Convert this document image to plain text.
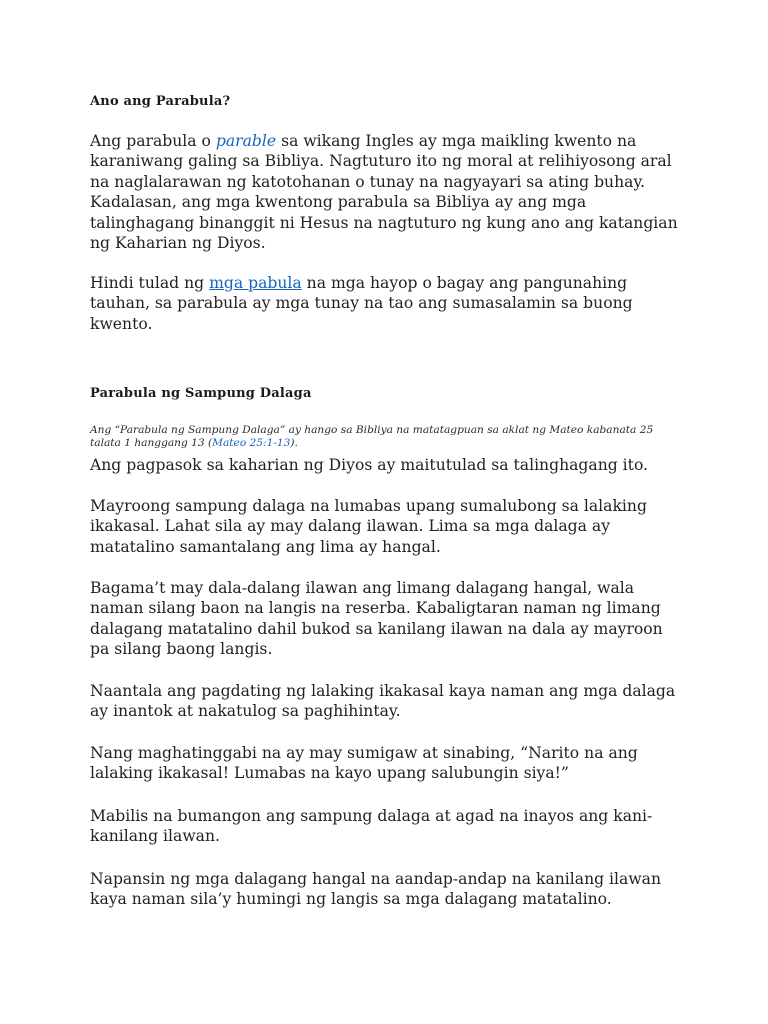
Ano ang Parabula?

Ang parabula o parable sa wikang Ingles ay mga maikling kwento na karaniwang galing sa Bibliya. Nagtuturo ito ng moral at relihiyosong aral na naglalarawan ng katotohanan o tunay na nagyayari sa ating buhay. Kadalasan, ang mga kwentong parabula sa Bibliya ay ang mga talinghagang binanggit ni Hesus na nagtuturo ng kung ano ang katangian ng Kaharian ng Diyos.

Hindi tulad ng mga pabula na mga hayop o bagay ang pangunahing tauhan, sa parabula ay mga tunay na tao ang sumasalamin sa buong kwento.

Parabula ng Sampung Dalaga

Ang “Parabula ng Sampung Dalaga” ay hango sa Bibliya na matatagpuan sa aklat ng Mateo kabanata 25 talata 1 hanggang 13 (Mateo 25:1-13).

Ang pagpasok sa kaharian ng Diyos ay maitutulad sa talinghagang ito.

Mayroong sampung dalaga na lumabas upang sumalubong sa lalaking ikakasal. Lahat sila ay may dalang ilawan. Lima sa mga dalaga ay matatalino samantalang ang lima ay hangal.

Bagama’t may dala-dalang ilawan ang limang dalagang hangal, wala naman silang baon na langis na reserba. Kabaligtaran naman ng limang dalagang matatalino dahil bukod sa kanilang ilawan na dala ay mayroon pa silang baong langis.

Naantala ang pagdating ng lalaking ikakasal kaya naman ang mga dalaga ay inantok at nakatulog sa paghihintay.

Nang maghatinggabi na ay may sumigaw at sinabing, “Narito na ang lalaking ikakasal! Lumabas na kayo upang salubungin siya!”

Mabilis na bumangon ang sampung dalaga at agad na inayos ang kani-kanilang ilawan.

Napansin ng mga dalagang hangal na aandap-andap na kanilang ilawan kaya naman sila’y humingi ng langis sa mga dalagang matatalino.
